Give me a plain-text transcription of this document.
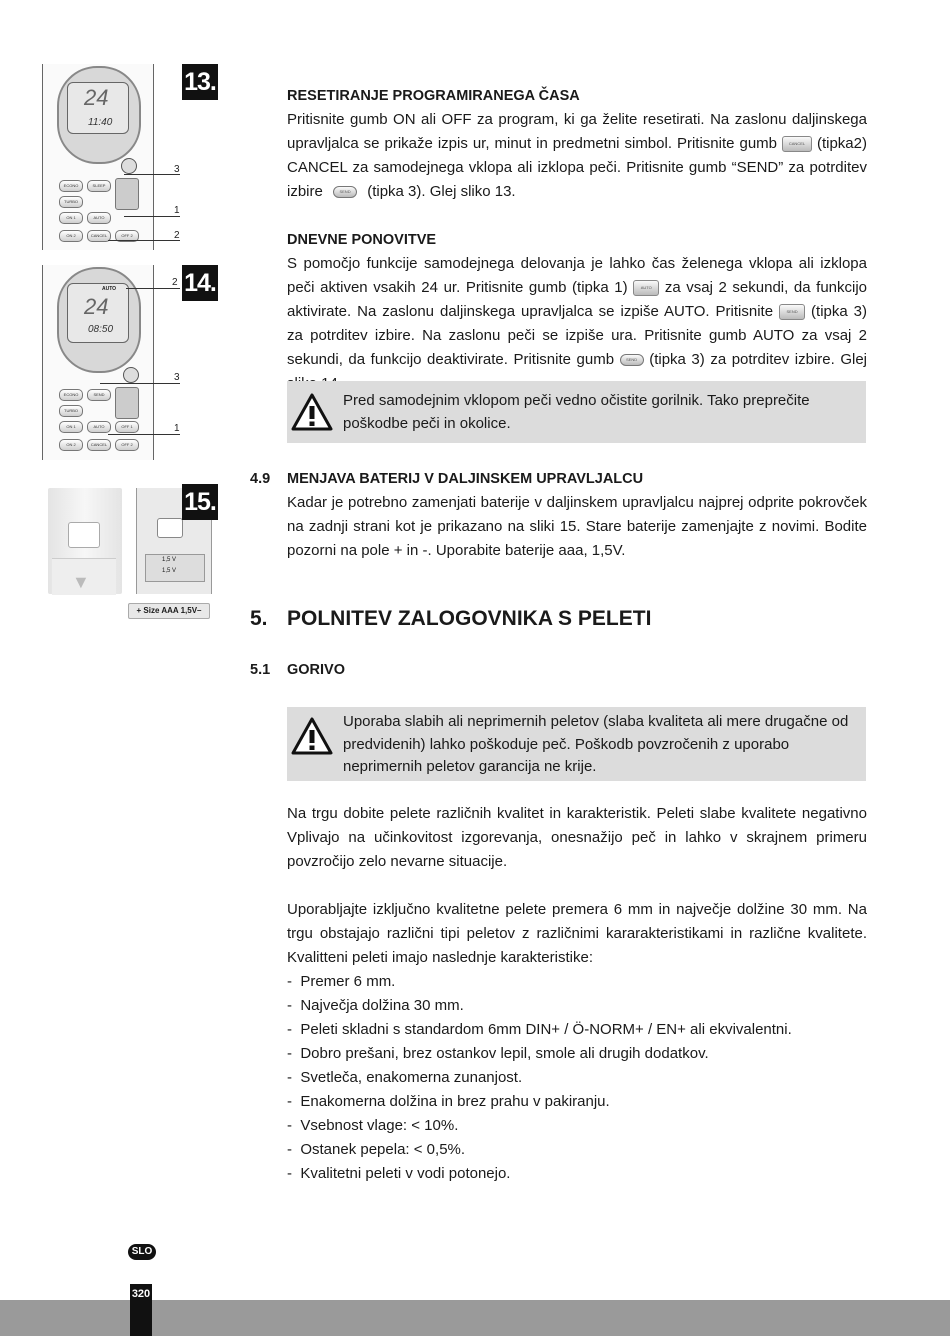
24
11:40
ECONO	SLEEP
TURBO
ON 1	AUTO
ON 2	CANCEL	OFF 2
13.
3
1
2
AUTO
24
08:50
ECONO	SEND
TURBO
ON 1	AUTO	OFF 1
ON 2	CANCEL	OFF 2
14.
2
3
1
▼
1,5 V
1,5 V
15.
+ Size AAA 1,5V–
RESETIRANJE PROGRAMIRANEGA ČASA
Pritisnite gumb ON ali OFF za program, ki ga želite resetirati. Na zaslonu daljinskega upravljalca se prikaže izpis ur, minut in predmetni simbol. Pritisnite gumb	CANCEL (tipka2) CANCEL za samodejnega vklopa ali izklopa peči. Pritisnite gumb “SEND” za potrditev izbire	SEND (tipka 3). Glej sliko 13.
DNEVNE PONOVITVE
S pomočjo funkcije samodejnega delovanja je lahko čas želenega vklopa ali izklopa peči aktiven vsakih 24 ur. Pritisnite gumb (tipka 1)	AUTO za vsaj 2 sekundi, da funkcijo aktivirate. Na zaslonu daljinskega upravljalca se izpiše AUTO. Pritisnite	SEND (tipka 3) za potrditev izbire. Na zaslonu peči se izpiše ura. Pritisnite gumb AUTO za vsaj 2 sekundi, da funkcijo deaktivirate. Pritisnite gumb	SEND (tipka 3) za potrditev izbire. Glej
Pred samodejnim vklopom peči vedno očistite gorilnik. Tako preprečite poškodbe peči in okolice.
4.9 MENJAVA BATERIJ V DALJINSKEM UPRAVLJALCU
Kadar je potrebno zamenjati baterije v daljinskem upravljalcu najprej odprite pokrovček na zadnji strani kot je prikazano na sliki 15. Stare baterije zamenjajte z novimi. Bodite pozorni na pole + in -. Uporabite baterije aaa, 1,5V.
5. POLNITEV ZALOGOVNIKA S PELETI
5.1 GORIVO
Uporaba slabih ali neprimernih peletov (slaba kvaliteta ali mere drugačne od predvidenih) lahko poškoduje peč. Poškodb povzročenih z uporabo neprimernih peletov garancija ne krije.
Na trgu dobite pelete različnih kvalitet in karakteristik. Peleti slabe kvalitete negativno Vplivajo na učinkovitost izgorevanja, onesnažijo peč in lahko v skrajnem primeru povzročijo zelo nevarne situacije.
Uporabljajte izključno kvalitetne pelete premera 6 mm in največje dolžine 30 mm. Na trgu obstajajo različni tipi peletov z različnimi kararakteristikami in različne kvalitete. Kvalitteni peleti imajo naslednje karakteristike:
-  Premer 6 mm.
-  Največja dolžina 30 mm.
-  Peleti skladni s standardom 6mm DIN+ / Ö-NORM+ / EN+ ali ekvivalentni.
-  Dobro prešani, brez ostankov lepil, smole ali drugih dodatkov.
-  Svetleča, enakomerna zunanjost.
-  Enakomerna dolžina in brez prahu v pakiranju.
-  Vsebnost vlage: < 10%.
-  Ostanek pepela: < 0,5%.
-  Kvalitetni peleti v vodi potonejo.
SLO
320
